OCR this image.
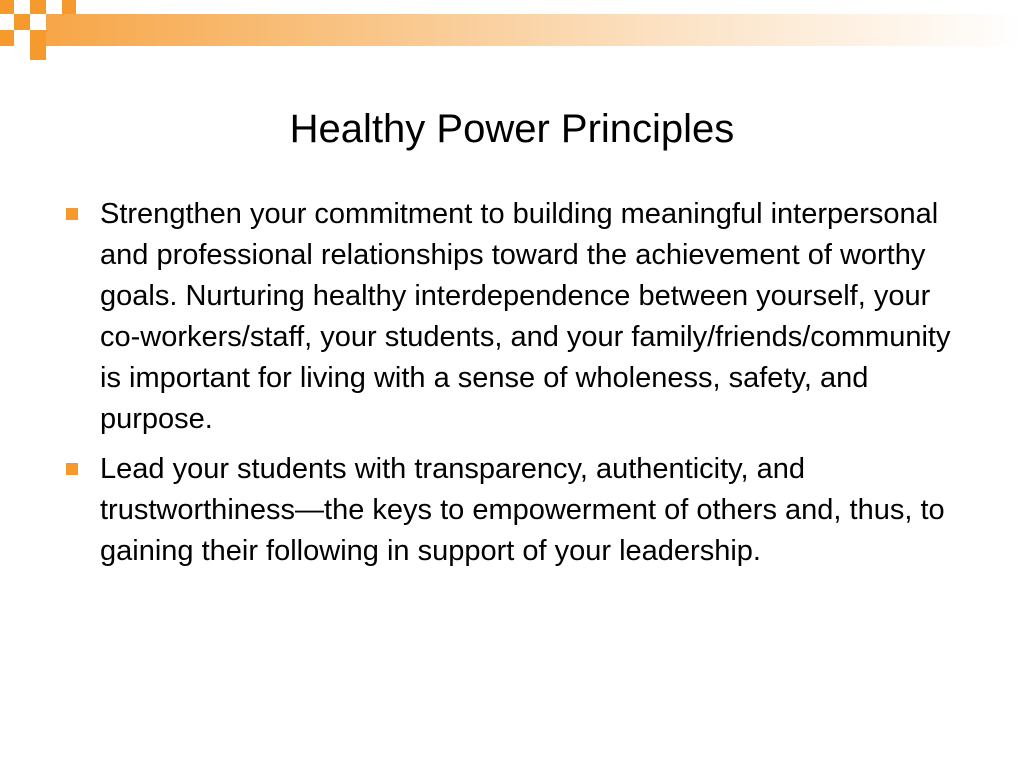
Healthy Power Principles
Strengthen your commitment to building meaningful interpersonal and professional relationships toward the achievement of worthy goals. Nurturing healthy interdependence between yourself, your co-workers/staff, your students, and your family/friends/community is important for living with a sense of wholeness, safety, and purpose.
Lead your students with transparency, authenticity, and trustworthiness—the keys to empowerment of others and, thus, to gaining their following in support of your leadership.
